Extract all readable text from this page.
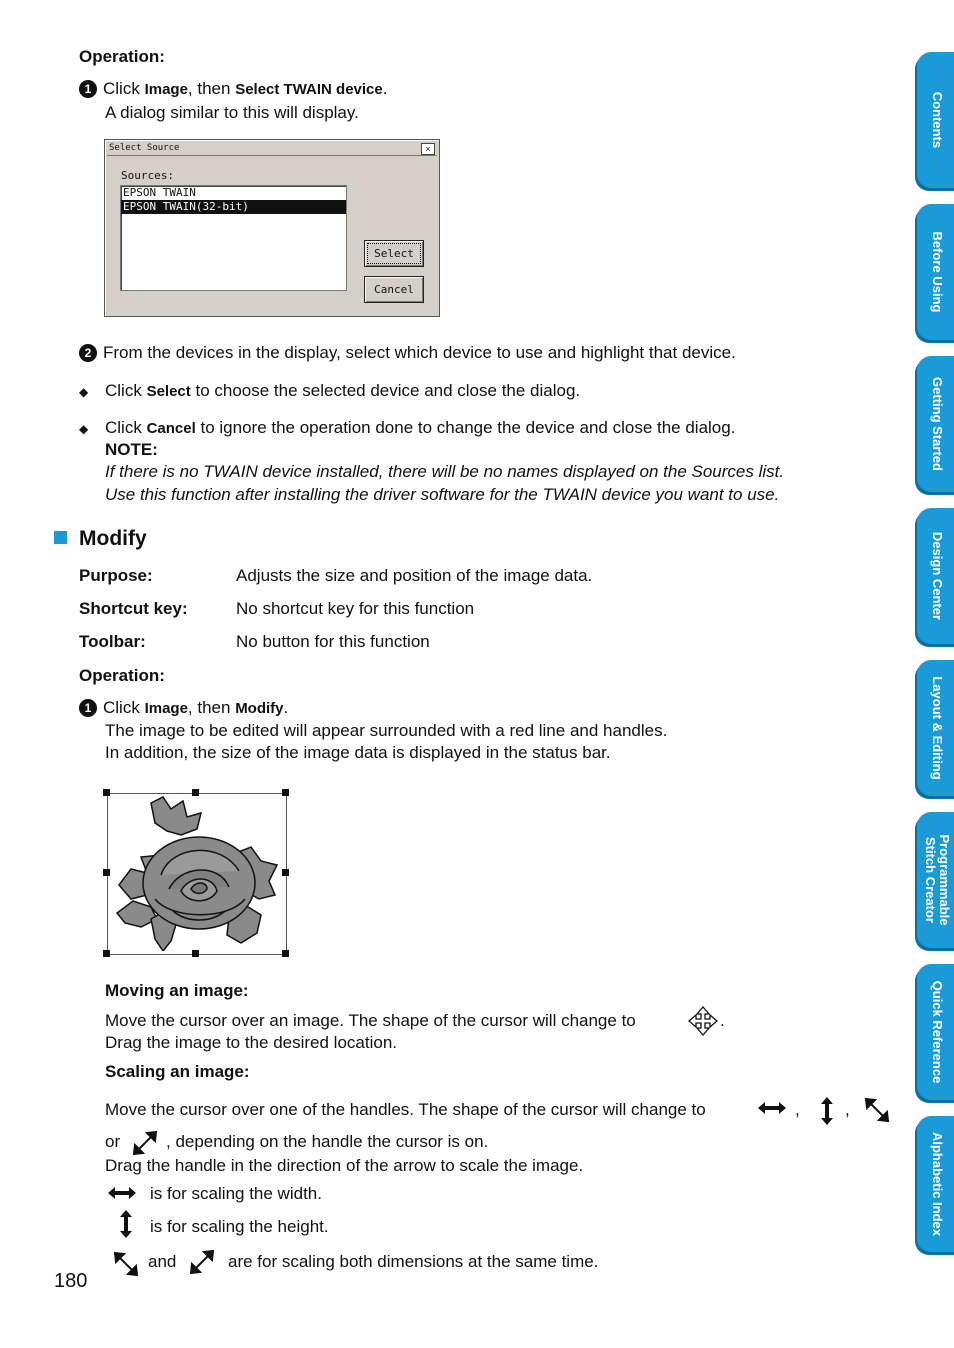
Operation:
1 Click Image, then Select TWAIN device.
A dialog similar to this will display.
Select Source	×
Sources:
EPSON TWAIN
EPSON TWAIN(32-bit)
Select
Cancel
2 From the devices in the display, select which device to use and highlight that device.
◆ Click Select to choose the selected device and close the dialog.
◆ Click Cancel to ignore the operation done to change the device and close the dialog.
NOTE:
If there is no TWAIN device installed, there will be no names displayed on the Sources list.
Use this function after installing the driver software for the TWAIN device you want to use.
Modify
Purpose:	Adjusts the size and position of the image data.
Shortcut key:	No shortcut key for this function
Toolbar:	No button for this function
Operation:
1 Click Image, then Modify.
The image to be edited will appear surrounded with a red line and handles.
In addition, the size of the image data is displayed in the status bar.
Moving an image:
Move the cursor over an image. The shape of the cursor will change to	.
Drag the image to the desired location.
Scaling an image:
Move the cursor over one of the handles. The shape of the cursor will change to	,	,
or	, depending on the handle the cursor is on.
Drag the handle in the direction of the arrow to scale the image.
is for scaling the width.
is for scaling the height.
and	are for scaling both dimensions at the same time.
180
Contents
Before Using
Getting Started
Design Center
Layout & Editing
Programmable
Stitch Creator
Quick Reference
Alphabetic Index
